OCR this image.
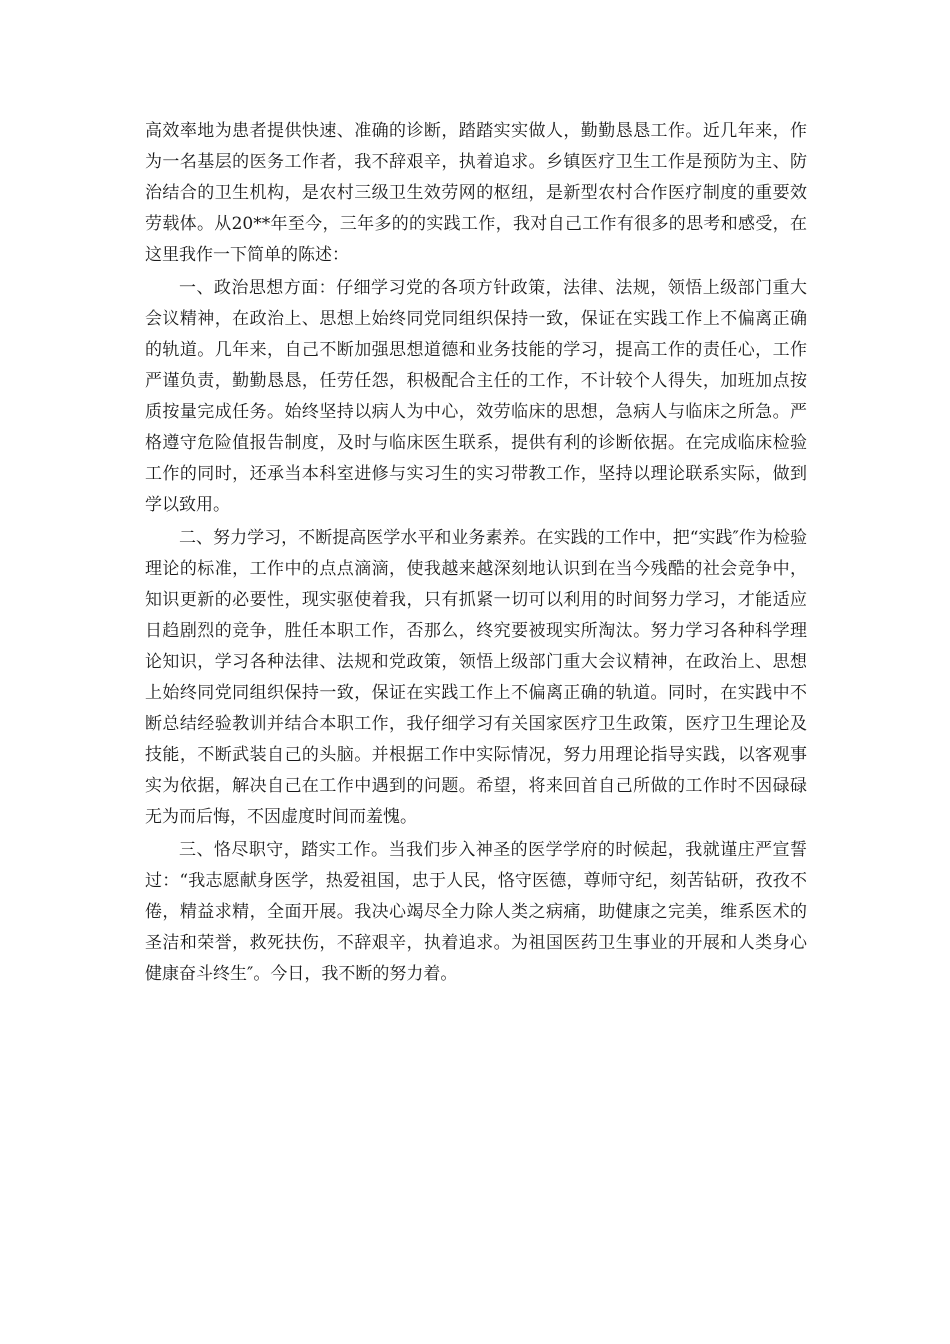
高效率地为患者提供快速、准确的诊断，踏踏实实做人，勤勤恳恳工作。近几年来，作为一名基层的医务工作者，我不辞艰辛，执着追求。乡镇医疗卫生工作是预防为主、防治结合的卫生机构，是农村三级卫生效劳网的枢纽，是新型农村合作医疗制度的重要效劳载体。从20**年至今，三年多的的实践工作，我对自己工作有很多的思考和感受，在这里我作一下简单的陈述：

一、政治思想方面：仔细学习党的各项方针政策，法律、法规，领悟上级部门重大会议精神，在政治上、思想上始终同党同组织保持一致，保证在实践工作上不偏离正确的轨道。几年来，自己不断加强思想道德和业务技能的学习，提高工作的责任心，工作严谨负责，勤勤恳恳，任劳任怨，积极配合主任的工作，不计较个人得失，加班加点按质按量完成任务。始终坚持以病人为中心，效劳临床的思想，急病人与临床之所急。严格遵守危险值报告制度，及时与临床医生联系，提供有利的诊断依据。在完成临床检验工作的同时，还承当本科室进修与实习生的实习带教工作，坚持以理论联系实际，做到学以致用。

二、努力学习，不断提高医学水平和业务素养。在实践的工作中，把“实践″作为检验理论的标准，工作中的点点滴滴，使我越来越深刻地认识到在当今残酷的社会竞争中，知识更新的必要性，现实驱使着我，只有抓紧一切可以利用的时间努力学习，才能适应日趋剧烈的竞争，胜任本职工作，否那么，终究要被现实所淘汰。努力学习各种科学理论知识，学习各种法律、法规和党政策，领悟上级部门重大会议精神，在政治上、思想上始终同党同组织保持一致，保证在实践工作上不偏离正确的轨道。同时，在实践中不断总结经验教训并结合本职工作，我仔细学习有关国家医疗卫生政策，医疗卫生理论及技能，不断武装自己的头脑。并根据工作中实际情况，努力用理论指导实践，以客观事实为依据，解决自己在工作中遇到的问题。希望，将来回首自己所做的工作时不因碌碌无为而后悔，不因虚度时间而羞愧。

三、恪尽职守，踏实工作。当我们步入神圣的医学学府的时候起，我就谨庄严宣誓过：“我志愿献身医学，热爱祖国，忠于人民，恪守医德，尊师守纪，刻苦钻研，孜孜不倦，精益求精，全面开展。我决心竭尽全力除人类之病痛，助健康之完美，维系医术的圣洁和荣誉，救死扶伤，不辞艰辛，执着追求。为祖国医药卫生事业的开展和人类身心健康奋斗终生″。今日，我不断的努力着。
